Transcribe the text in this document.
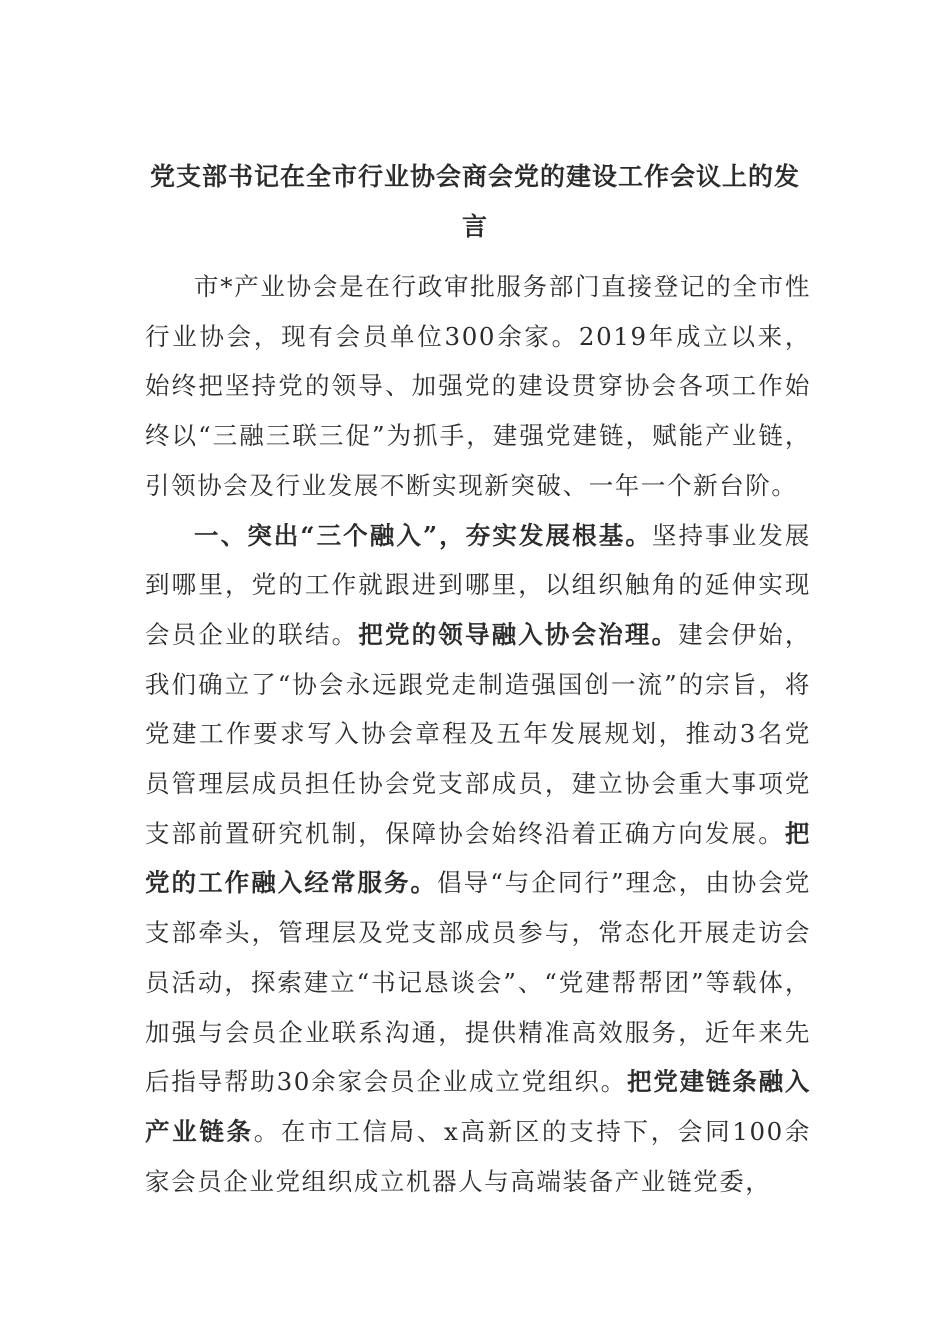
党支部书记在全市行业协会商会党的建设工作会议上的发言

市*产业协会是在行政审批服务部门直接登记的全市性行业协会，现有会员单位300余家。2019年成立以来，始终把坚持党的领导、加强党的建设贯穿协会各项工作始终以“三融三联三促”为抓手，建强党建链，赋能产业链，引领协会及行业发展不断实现新突破、一年一个新台阶。

一、突出“三个融入”，夯实发展根基。坚持事业发展到哪里，党的工作就跟进到哪里，以组织触角的延伸实现会员企业的联结。把党的领导融入协会治理。建会伊始，我们确立了“协会永远跟党走制造强国创一流”的宗旨，将党建工作要求写入协会章程及五年发展规划，推动3名党员管理层成员担任协会党支部成员，建立协会重大事项党支部前置研究机制，保障协会始终沿着正确方向发展。把党的工作融入经常服务。倡导“与企同行”理念，由协会党支部牵头，管理层及党支部成员参与，常态化开展走访会员活动，探索建立“书记恳谈会”、“党建帮帮团”等载体，加强与会员企业联系沟通，提供精准高效服务，近年来先后指导帮助30余家会员企业成立党组织。把党建链条融入产业链条。在市工信局、x高新区的支持下，会同100余家会员企业党组织成立机器人与高端装备产业链党委，
